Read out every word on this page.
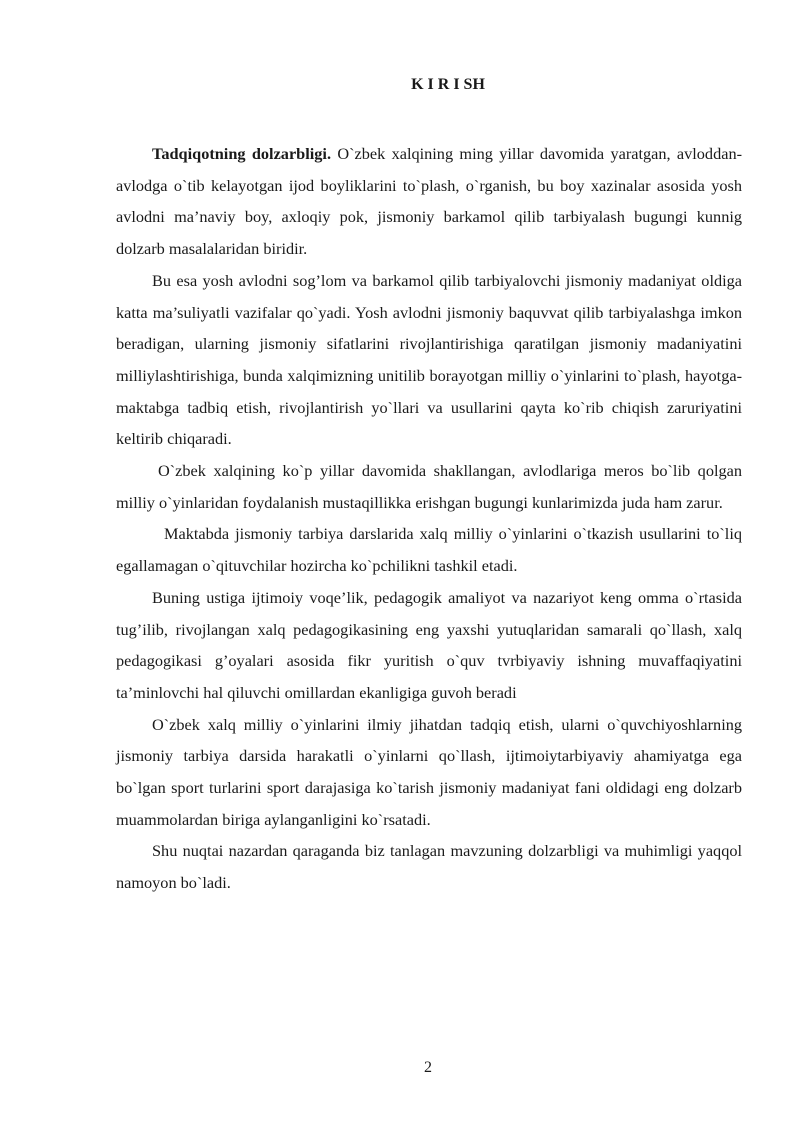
K I R I SH

Tadqiqotning dolzarbligi. O`zbek xalqining ming yillar davomida yaratgan, avloddan-avlodga o`tib kelayotgan ijod boyliklarini to`plash, o`rganish, bu boy xazinalar asosida yosh avlodni ma’naviy boy, axloqiy pok, jismoniy barkamol qilib tarbiyalash bugungi kunnig dolzarb masalalaridan biridir.

Bu esa yosh avlodni sog’lom va barkamol qilib tarbiyalovchi jismoniy madaniyat oldiga katta ma’suliyatli vazifalar qo`yadi. Yosh avlodni jismoniy baquvvat qilib tarbiyalashga imkon beradigan, ularning jismoniy sifatlarini rivojlantirishiga qaratilgan jismoniy madaniyatini milliylashtirishiga, bunda xalqimizning unitilib borayotgan milliy o`yinlarini to`plash, hayotga-maktabga tadbiq etish, rivojlantirish yo`llari va usullarini qayta ko`rib chiqish zaruriyatini keltirib chiqaradi.

O`zbek xalqining ko`p yillar davomida shakllangan, avlodlariga meros bo`lib qolgan milliy o`yinlaridan foydalanish mustaqillikka erishgan bugungi kunlarimizda juda ham zarur.

Maktabda jismoniy tarbiya darslarida xalq milliy o`yinlarini o`tkazish usullarini to`liq egallamagan o`qituvchilar hozircha ko`pchilikni tashkil etadi.

Buning ustiga ijtimoiy voqe’lik, pedagogik amaliyot va nazariyot keng omma o`rtasida tug’ilib, rivojlangan xalq pedagogikasining eng yaxshi yutuqlaridan samarali qo`llash, xalq pedagogikasi g’oyalari asosida fikr yuritish o`quv tvrbiyaviy ishning muvaffaqiyatini ta’minlovchi hal qiluvchi omillardan ekanligiga guvoh beradi

O`zbek xalq milliy o`yinlarini ilmiy jihatdan tadqiq etish, ularni o`quvchiyoshlarning jismoniy tarbiya darsida harakatli o`yinlarni qo`llash, ijtimoiytarbiyaviy ahamiyatga ega bo`lgan sport turlarini sport darajasiga ko`tarish jismoniy madaniyat fani oldidagi eng dolzarb muammolardan biriga aylanganligini ko`rsatadi.

Shu nuqtai nazardan qaraganda biz tanlagan mavzuning dolzarbligi va muhimligi yaqqol namoyon bo`ladi.

2
